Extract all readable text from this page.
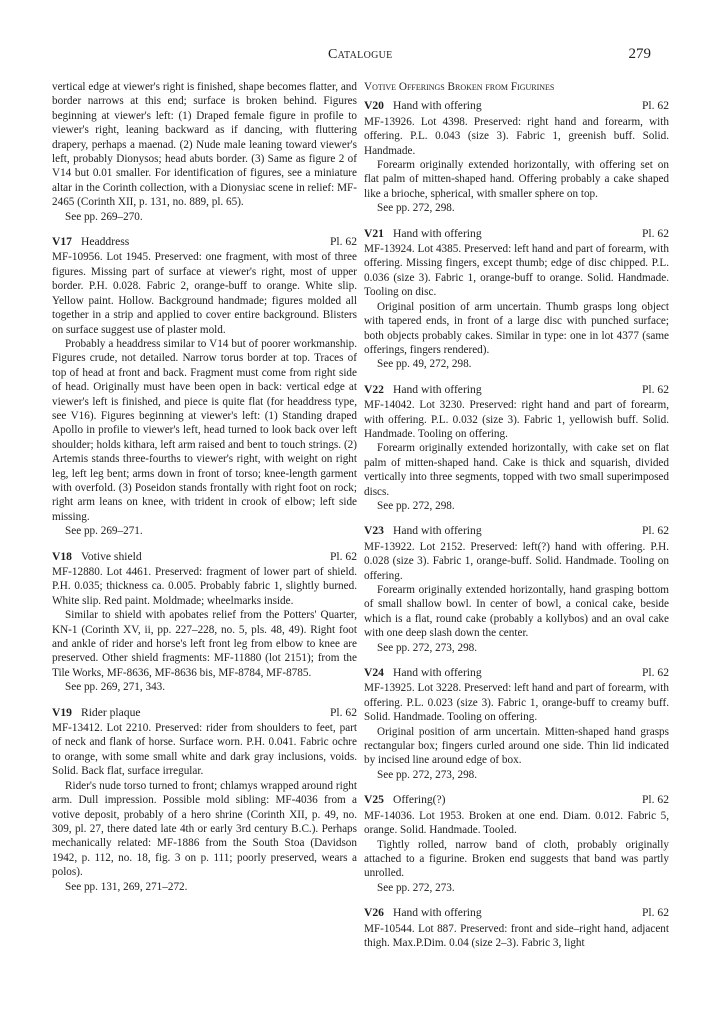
Catalogue	279

vertical edge at viewer's right is finished, shape becomes flatter, and border narrows at this end; surface is broken behind. Figures beginning at viewer's left: (1) Draped female figure in profile to viewer's right, leaning backward as if dancing, with fluttering drapery, perhaps a maenad. (2) Nude male leaning toward viewer's left, probably Dionysos; head abuts border. (3) Same as figure 2 of V14 but 0.01 smaller. For identification of figures, see a miniature altar in the Corinth collection, with a Dionysiac scene in relief: MF-2465 (Corinth XII, p. 131, no. 889, pl. 65).

See pp. 269–270.

V17 Headdress	Pl. 62

MF-10956. Lot 1945. Preserved: one fragment, with most of three figures. Missing part of surface at viewer's right, most of upper border. P.H. 0.028. Fabric 2, orange-buff to orange. White slip. Yellow paint. Hollow. Background handmade; figures molded all together in a strip and applied to cover entire background. Blisters on surface suggest use of plaster mold.

Probably a headdress similar to V14 but of poorer workmanship. Figures crude, not detailed. Narrow torus border at top. Traces of top of head at front and back. Fragment must come from right side of head. Originally must have been open in back: vertical edge at viewer's left is finished, and piece is quite flat (for headdress type, see V16). Figures beginning at viewer's left: (1) Standing draped Apollo in profile to viewer's left, head turned to look back over left shoulder; holds kithara, left arm raised and bent to touch strings. (2) Artemis stands three-fourths to viewer's right, with weight on right leg, left leg bent; arms down in front of torso; knee-length garment with overfold. (3) Poseidon stands frontally with right foot on rock; right arm leans on knee, with trident in crook of elbow; left side missing.

See pp. 269–271.

V18 Votive shield	Pl. 62

MF-12880. Lot 4461. Preserved: fragment of lower part of shield. P.H. 0.035; thickness ca. 0.005. Probably fabric 1, slightly burned. White slip. Red paint. Moldmade; wheelmarks inside.

Similar to shield with apobates relief from the Potters' Quarter, KN-1 (Corinth XV, ii, pp. 227–228, no. 5, pls. 48, 49). Right foot and ankle of rider and horse's left front leg from elbow to knee are preserved. Other shield fragments: MF-11880 (lot 2151); from the Tile Works, MF-8636, MF-8636 bis, MF-8784, MF-8785.

See pp. 269, 271, 343.

V19 Rider plaque	Pl. 62

MF-13412. Lot 2210. Preserved: rider from shoulders to feet, part of neck and flank of horse. Surface worn. P.H. 0.041. Fabric ochre to orange, with some small white and dark gray inclusions, voids. Solid. Back flat, surface irregular.

Rider's nude torso turned to front; chlamys wrapped around right arm. Dull impression. Possible mold sibling: MF-4036 from a votive deposit, probably of a hero shrine (Corinth XII, p. 49, no. 309, pl. 27, there dated late 4th or early 3rd century B.C.). Perhaps mechanically related: MF-1886 from the South Stoa (Davidson 1942, p. 112, no. 18, fig. 3 on p. 111; poorly preserved, wears a polos).

See pp. 131, 269, 271–272.

Votive Offerings Broken from Figurines
V20 Hand with offering	Pl. 62

MF-13926. Lot 4398. Preserved: right hand and forearm, with offering. P.L. 0.043 (size 3). Fabric 1, greenish buff. Solid. Handmade.

Forearm originally extended horizontally, with offering set on flat palm of mitten-shaped hand. Offering probably a cake shaped like a brioche, spherical, with smaller sphere on top.

See pp. 272, 298.

V21 Hand with offering	Pl. 62

MF-13924. Lot 4385. Preserved: left hand and part of forearm, with offering. Missing fingers, except thumb; edge of disc chipped. P.L. 0.036 (size 3). Fabric 1, orange-buff to orange. Solid. Handmade. Tooling on disc.

Original position of arm uncertain. Thumb grasps long object with tapered ends, in front of a large disc with punched surface; both objects probably cakes. Similar in type: one in lot 4377 (same offerings, fingers rendered).

See pp. 49, 272, 298.

V22 Hand with offering	Pl. 62

MF-14042. Lot 3230. Preserved: right hand and part of forearm, with offering. P.L. 0.032 (size 3). Fabric 1, yellowish buff. Solid. Handmade. Tooling on offering.

Forearm originally extended horizontally, with cake set on flat palm of mitten-shaped hand. Cake is thick and squarish, divided vertically into three segments, topped with two small superimposed discs.

See pp. 272, 298.

V23 Hand with offering	Pl. 62

MF-13922. Lot 2152. Preserved: left(?) hand with offering. P.H. 0.028 (size 3). Fabric 1, orange-buff. Solid. Handmade. Tooling on offering.

Forearm originally extended horizontally, hand grasping bottom of small shallow bowl. In center of bowl, a conical cake, beside which is a flat, round cake (probably a kollybos) and an oval cake with one deep slash down the center.

See pp. 272, 273, 298.

V24 Hand with offering	Pl. 62

MF-13925. Lot 3228. Preserved: left hand and part of forearm, with offering. P.L. 0.023 (size 3). Fabric 1, orange-buff to creamy buff. Solid. Handmade. Tooling on offering.

Original position of arm uncertain. Mitten-shaped hand grasps rectangular box; fingers curled around one side. Thin lid indicated by incised line around edge of box.

See pp. 272, 273, 298.

V25 Offering(?)	Pl. 62

MF-14036. Lot 1953. Broken at one end. Diam. 0.012. Fabric 5, orange. Solid. Handmade. Tooled.

Tightly rolled, narrow band of cloth, probably originally attached to a figurine. Broken end suggests that band was partly unrolled.

See pp. 272, 273.

V26 Hand with offering	Pl. 62

MF-10544. Lot 887. Preserved: front and side–right hand, adjacent thigh. Max.P.Dim. 0.04 (size 2–3). Fabric 3, light
